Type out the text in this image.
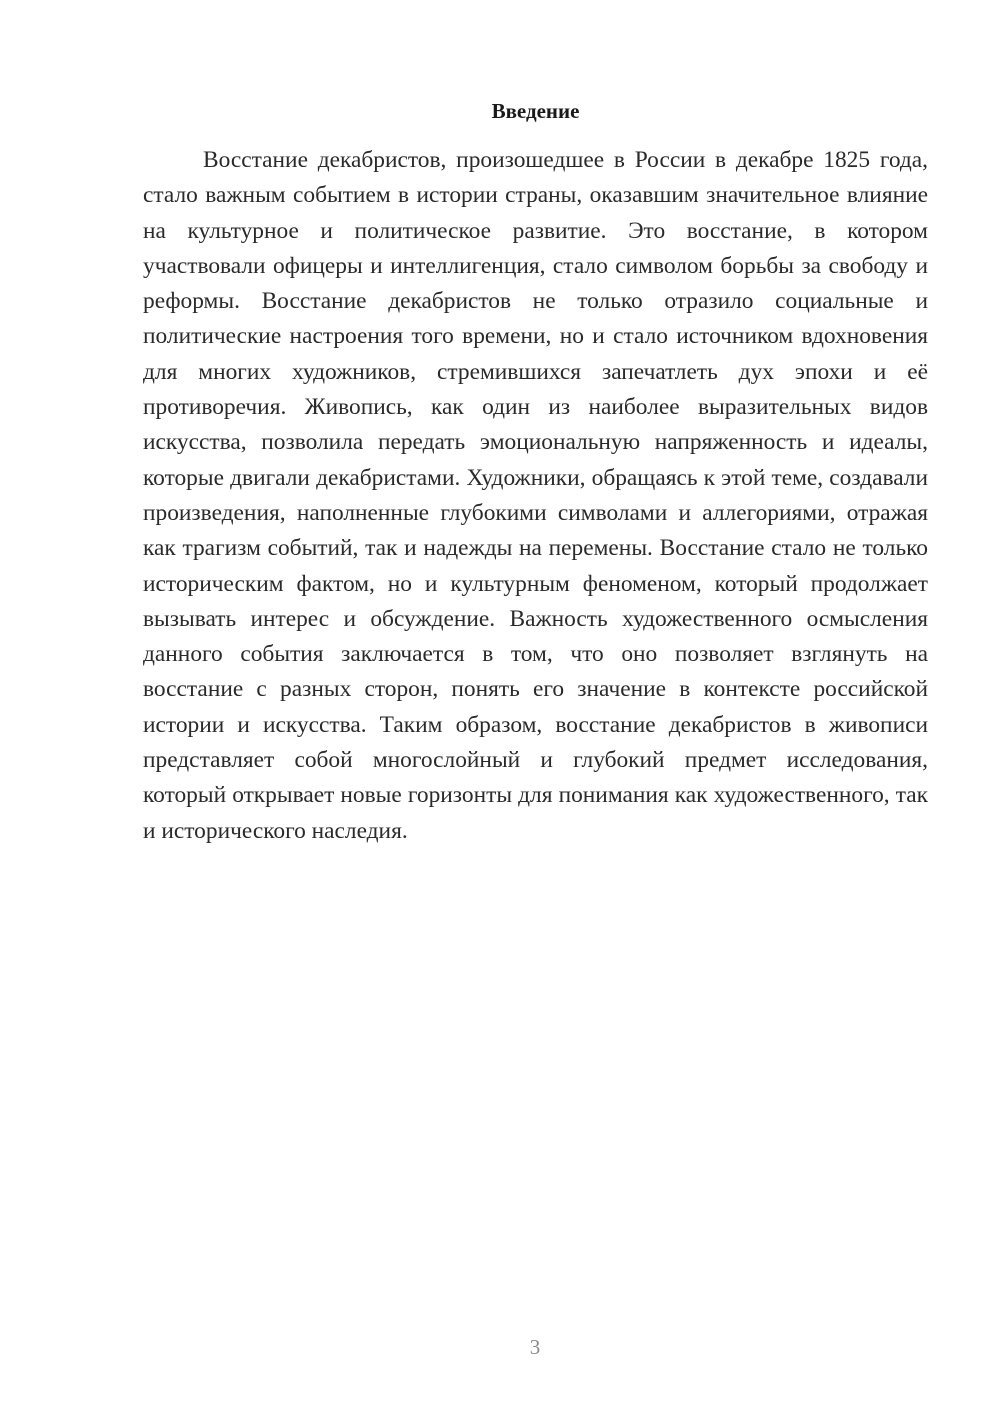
Введение

Восстание декабристов, произошедшее в России в декабре 1825 года, стало важным событием в истории страны, оказавшим значительное влияние на культурное и политическое развитие. Это восстание, в котором участвовали офицеры и интеллигенция, стало символом борьбы за свободу и реформы. Восстание декабристов не только отразило социальные и политические настроения того времени, но и стало источником вдохновения для многих художников, стремившихся запечатлеть дух эпохи и её противоречия. Живопись, как один из наиболее выразительных видов искусства, позволила передать эмоциональную напряженность и идеалы, которые двигали декабристами. Художники, обращаясь к этой теме, создавали произведения, наполненные глубокими символами и аллегориями, отражая как трагизм событий, так и надежды на перемены. Восстание стало не только историческим фактом, но и культурным феноменом, который продолжает вызывать интерес и обсуждение. Важность художественного осмысления данного события заключается в том, что оно позволяет взглянуть на восстание с разных сторон, понять его значение в контексте российской истории и искусства. Таким образом, восстание декабристов в живописи представляет собой многослойный и глубокий предмет исследования, который открывает новые горизонты для понимания как художественного, так и исторического наследия.

3
